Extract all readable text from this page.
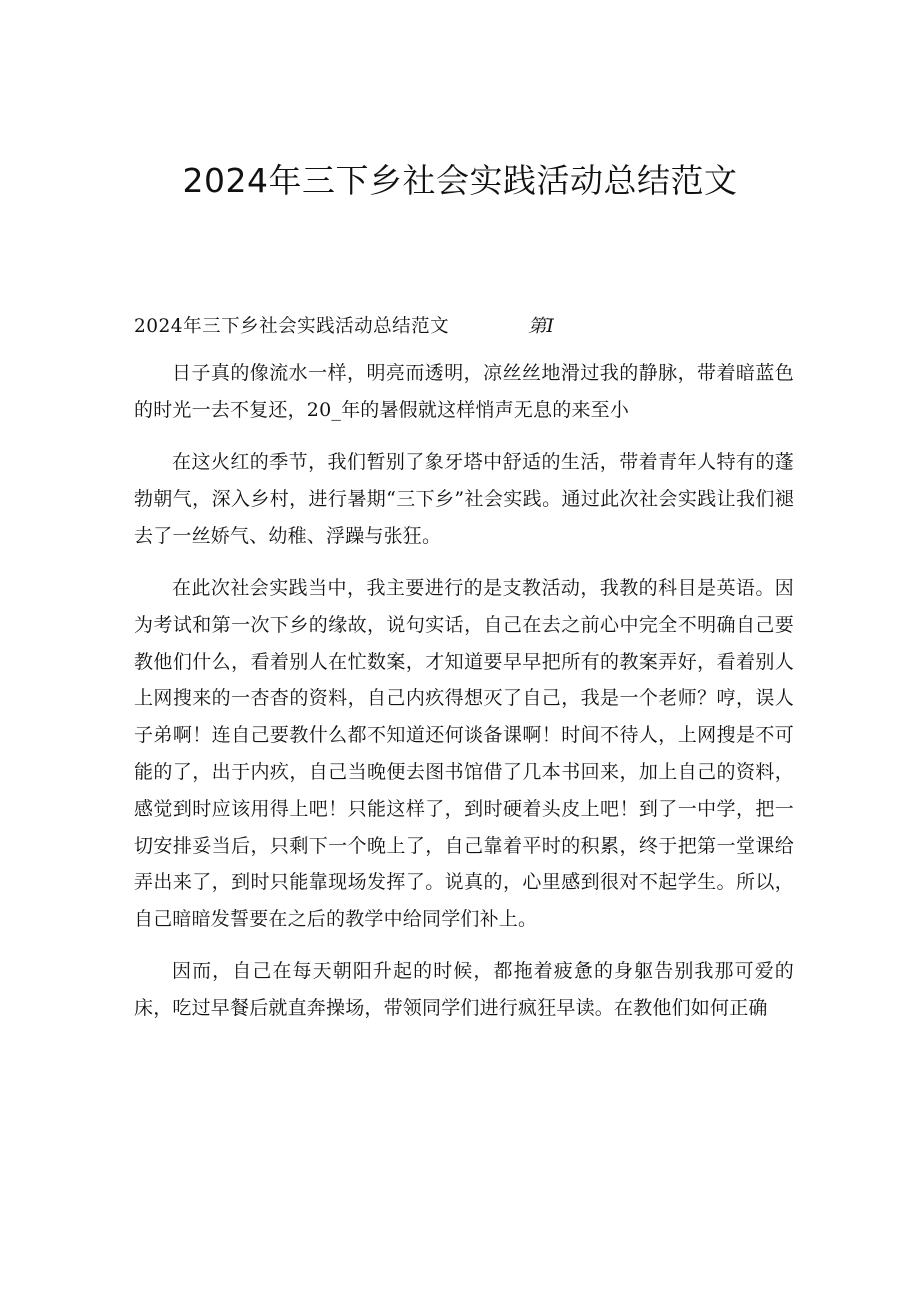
2024年三下乡社会实践活动总结范文
2024年三下乡社会实践活动总结范文	第I

日子真的像流水一样，明亮而透明，凉丝丝地滑过我的静脉，带着暗蓝色的时光一去不复还，20_年的暑假就这样悄声无息的来至小

在这火红的季节，我们暂别了象牙塔中舒适的生活，带着青年人特有的蓬勃朝气，深入乡村，进行暑期“三下乡”社会实践。通过此次社会实践让我们褪去了一丝娇气、幼稚、浮躁与张狂。

在此次社会实践当中，我主要进行的是支教活动，我教的科目是英语。因为考试和第一次下乡的缘故，说句实话，自己在去之前心中完全不明确自己要教他们什么，看着别人在忙数案，才知道要早早把所有的教案弄好，看着别人上网搜来的一杏杳的资料，自己内疚得想灭了自己，我是一个老师？哼，误人子弟啊！连自己要教什么都不知道还何谈备课啊！时间不待人，上网搜是不可能的了，出于内疚，自己当晚便去图书馆借了几本书回来，加上自己的资料，感觉到时应该用得上吧！只能这样了，到时硬着头皮上吧！到了一中学，把一切安排妥当后，只剩下一个晚上了，自己靠着平时的积累，终于把第一堂课给弄出来了，到时只能靠现场发挥了。说真的，心里感到很对不起学生。所以，自己暗暗发誓要在之后的教学中给同学们补上。

因而，自己在每天朝阳升起的时候，都拖着疲惫的身躯告别我那可爱的床，吃过早餐后就直奔操场，带领同学们进行疯狂早读。在教他们如何正确
